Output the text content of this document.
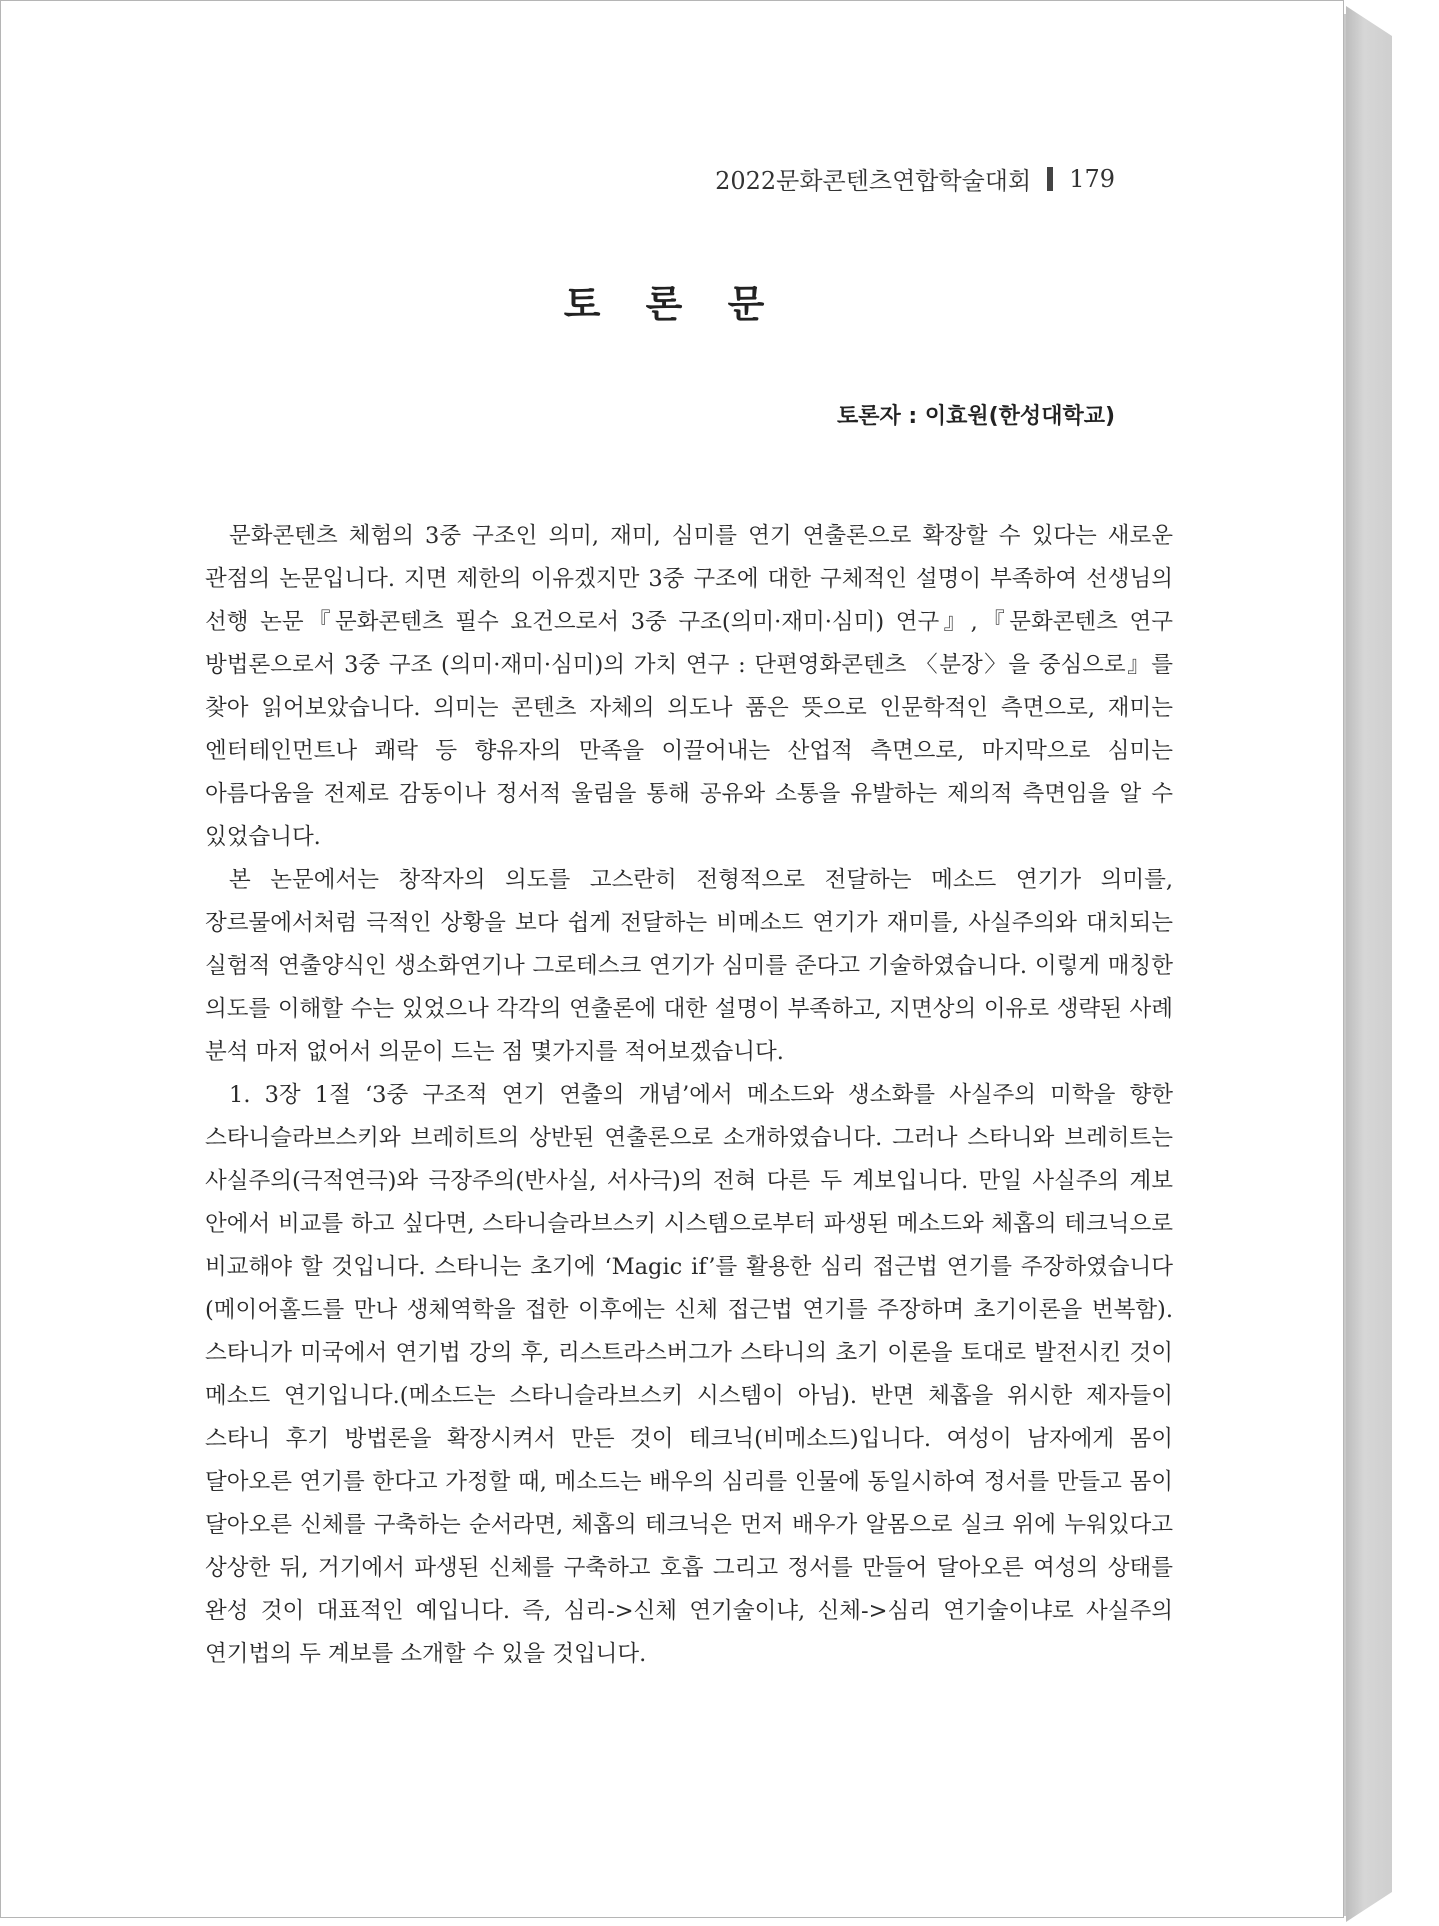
2022문화콘텐츠연합학술대회 179
토 론 문
토론자 : 이효원(한성대학교)

문화콘텐츠 체험의 3중 구조인 의미, 재미, 심미를 연기 연출론으로 확장할 수 있다는 새로운 관점의 논문입니다. 지면 제한의 이유겠지만 3중 구조에 대한 구체적인 설명이 부족하여 선생님의 선행 논문『문화콘텐츠 필수 요건으로서 3중 구조(의미·재미·심미) 연구』,『문화콘텐츠 연구 방법론으로서 3중 구조 (의미·재미·심미)의 가치 연구 : 단편영화콘텐츠 〈분장〉을 중심으로』를 찾아 읽어보았습니다. 의미는 콘텐츠 자체의 의도나 품은 뜻으로 인문학적인 측면으로, 재미는 엔터테인먼트나 쾌락 등 향유자의 만족을 이끌어내는 산업적 측면으로, 마지막으로 심미는 아름다움을 전제로 감동이나 정서적 울림을 통해 공유와 소통을 유발하는 제의적 측면임을 알 수 있었습니다.

본 논문에서는 창작자의 의도를 고스란히 전형적으로 전달하는 메소드 연기가 의미를, 장르물에서처럼 극적인 상황을 보다 쉽게 전달하는 비메소드 연기가 재미를, 사실주의와 대치되는 실험적 연출양식인 생소화연기나 그로테스크 연기가 심미를 준다고 기술하였습니다. 이렇게 매칭한 의도를 이해할 수는 있었으나 각각의 연출론에 대한 설명이 부족하고, 지면상의 이유로 생략된 사례 분석 마저 없어서 의문이 드는 점 몇가지를 적어보겠습니다.

1. 3장 1절 ‘3중 구조적 연기 연출의 개념’에서 메소드와 생소화를 사실주의 미학을 향한 스타니슬라브스키와 브레히트의 상반된 연출론으로 소개하였습니다. 그러나 스타니와 브레히트는 사실주의(극적연극)와 극장주의(반사실, 서사극)의 전혀 다른 두 계보입니다. 만일 사실주의 계보 안에서 비교를 하고 싶다면, 스타니슬라브스키 시스템으로부터 파생된 메소드와 체홉의 테크닉으로 비교해야 할 것입니다. 스타니는 초기에 ‘Magic if’를 활용한 심리 접근법 연기를 주장하였습니다(메이어홀드를 만나 생체역학을 접한 이후에는 신체 접근법 연기를 주장하며 초기이론을 번복함). 스타니가 미국에서 연기법 강의 후, 리스트라스버그가 스타니의 초기 이론을 토대로 발전시킨 것이 메소드 연기입니다.(메소드는 스타니슬라브스키 시스템이 아님). 반면 체홉을 위시한 제자들이 스타니 후기 방법론을 확장시켜서 만든 것이 테크닉(비메소드)입니다. 여성이 남자에게 몸이 달아오른 연기를 한다고 가정할 때, 메소드는 배우의 심리를 인물에 동일시하여 정서를 만들고 몸이 달아오른 신체를 구축하는 순서라면, 체홉의 테크닉은 먼저 배우가 알몸으로 실크 위에 누워있다고 상상한 뒤, 거기에서 파생된 신체를 구축하고 호흡 그리고 정서를 만들어 달아오른 여성의 상태를 완성 것이 대표적인 예입니다. 즉, 심리->신체 연기술이냐, 신체->심리 연기술이냐로 사실주의 연기법의 두 계보를 소개할 수 있을 것입니다.
